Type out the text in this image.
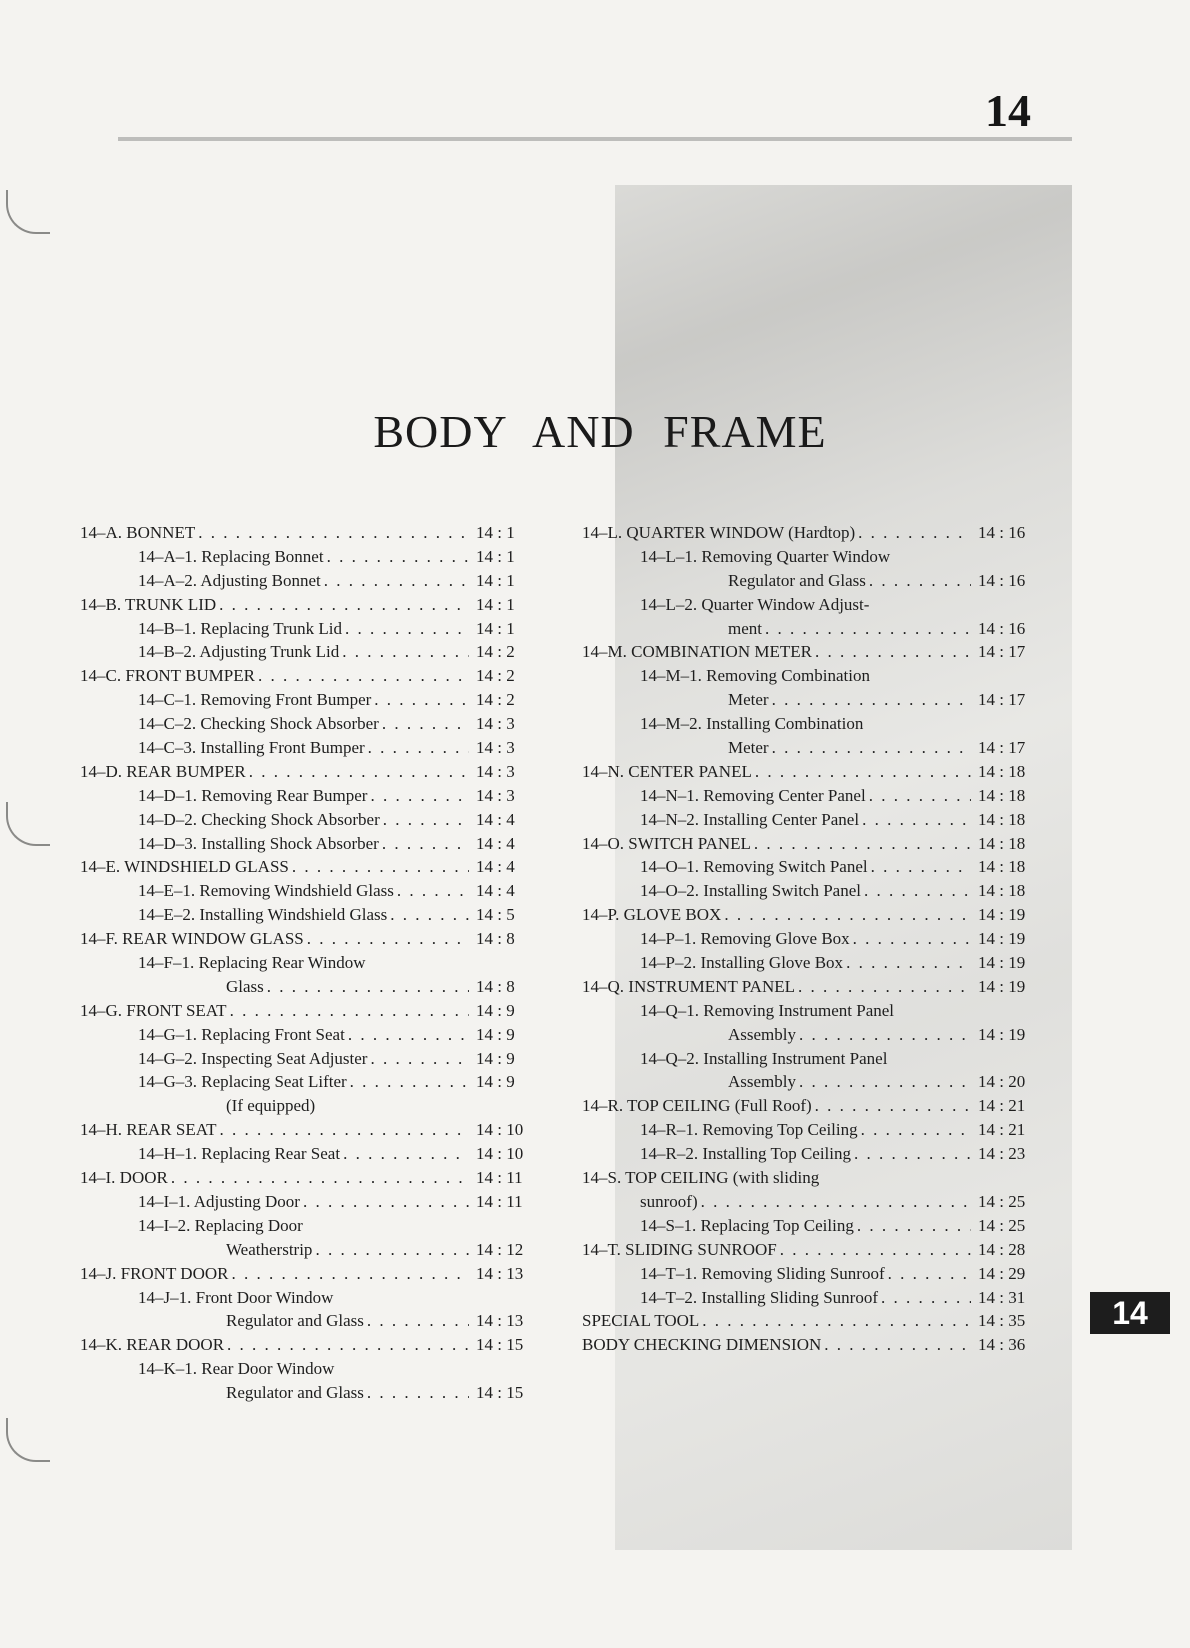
14
BODY AND FRAME
14–A. BONNET . . .	14 : 1
14–A–1. Replacing Bonnet . . .	14 : 1
14–A–2. Adjusting Bonnet . . .	14 : 1
14–B. TRUNK LID . . .	14 : 1
14–B–1. Replacing Trunk Lid . . .	14 : 1
14–B–2. Adjusting Trunk Lid . . .	14 : 2
14–C. FRONT BUMPER . . .	14 : 2
14–C–1. Removing Front Bumper . . .	14 : 2
14–C–2. Checking Shock Absorber . . .	14 : 3
14–C–3. Installing Front Bumper . . .	14 : 3
14–D. REAR BUMPER . . .	14 : 3
14–D–1. Removing Rear Bumper . . .	14 : 3
14–D–2. Checking Shock Absorber . . .	14 : 4
14–D–3. Installing Shock Absorber . . .	14 : 4
14–E. WINDSHIELD GLASS . . .	14 : 4
14–E–1. Removing Windshield Glass . . .	14 : 4
14–E–2. Installing Windshield Glass . . .	14 : 5
14–F. REAR WINDOW GLASS . . .	14 : 8
14–F–1. Replacing Rear Window
Glass . . .	14 : 8
14–G. FRONT SEAT . . .	14 : 9
14–G–1. Replacing Front Seat . . .	14 : 9
14–G–2. Inspecting Seat Adjuster . . .	14 : 9
14–G–3. Replacing Seat Lifter . . .	14 : 9
(If equipped)
14–H. REAR SEAT . . .	14 : 10
14–H–1. Replacing Rear Seat . . .	14 : 10
14–I. DOOR . . .	14 : 11
14–I–1. Adjusting Door . . .	14 : 11
14–I–2. Replacing Door
Weatherstrip . . .	14 : 12
14–J. FRONT DOOR . . .	14 : 13
14–J–1. Front Door Window
Regulator and Glass . . .	14 : 13
14–K. REAR DOOR . . .	14 : 15
14–K–1. Rear Door Window
Regulator and Glass . . .	14 : 15
14–L. QUARTER WINDOW (Hardtop) . . .	14 : 16
14–L–1. Removing Quarter Window
Regulator and Glass . . .	14 : 16
14–L–2. Quarter Window Adjust-
ment . . .	14 : 16
14–M. COMBINATION METER . . .	14 : 17
14–M–1. Removing Combination
Meter . . .	14 : 17
14–M–2. Installing Combination
Meter . . .	14 : 17
14–N. CENTER PANEL . . .	14 : 18
14–N–1. Removing Center Panel . . .	14 : 18
14–N–2. Installing Center Panel . . .	14 : 18
14–O. SWITCH PANEL . . .	14 : 18
14–O–1. Removing Switch Panel . . .	14 : 18
14–O–2. Installing Switch Panel . . .	14 : 18
14–P. GLOVE BOX . . .	14 : 19
14–P–1. Removing Glove Box . . .	14 : 19
14–P–2. Installing Glove Box . . .	14 : 19
14–Q. INSTRUMENT PANEL . . .	14 : 19
14–Q–1. Removing Instrument Panel
Assembly . . .	14 : 19
14–Q–2. Installing Instrument Panel
Assembly . . .	14 : 20
14–R. TOP CEILING (Full Roof) . . .	14 : 21
14–R–1. Removing Top Ceiling . . .	14 : 21
14–R–2. Installing Top Ceiling . . .	14 : 23
14–S. TOP CEILING (with sliding
sunroof) . . .	14 : 25
14–S–1. Replacing Top Ceiling . . .	14 : 25
14–T. SLIDING SUNROOF . . .	14 : 28
14–T–1. Removing Sliding Sunroof . . .	14 : 29
14–T–2. Installing Sliding Sunroof . . .	14 : 31
SPECIAL TOOL . . .	14 : 35
BODY CHECKING DIMENSION . . .	14 : 36
14
